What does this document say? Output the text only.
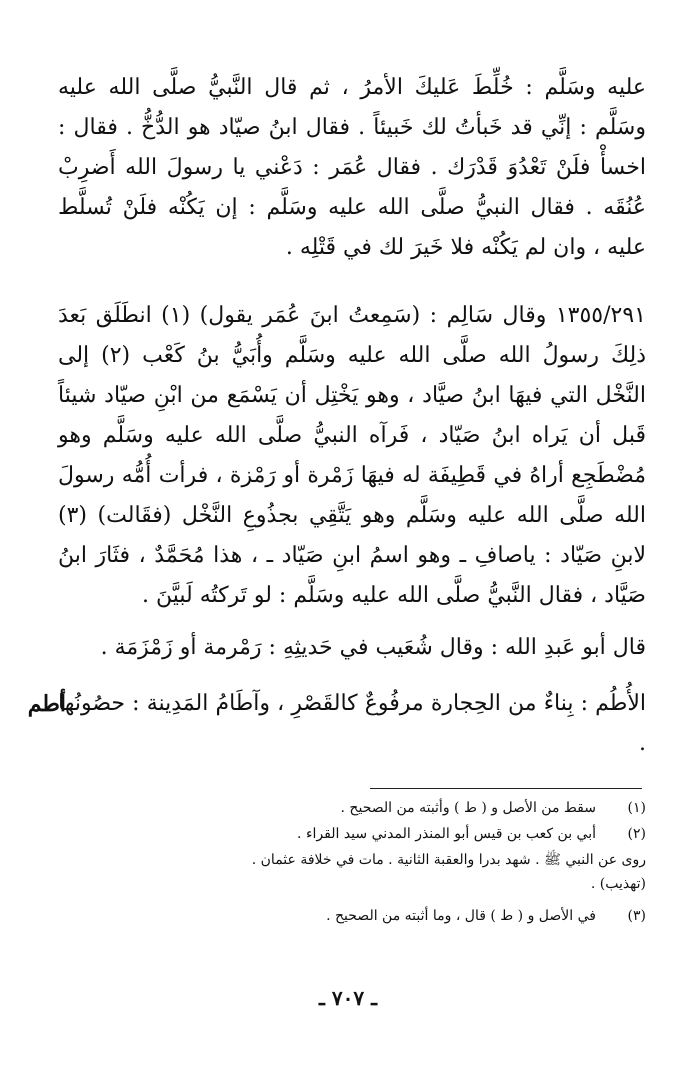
عليه وسَلَّم : خُلِّطَ عَليكَ الأمرُ ، ثم قال النَّبيُّ صلَّى الله عليه وسَلَّم : إنِّي قد خَبأتُ لك خَبيئاً . فقال ابنُ صيّاد هو الدُّخُّ . فقال : اخسأْ فلَنْ تَعْدُوَ قَدْرَك . فقال عُمَر : دَعْني يا رسولَ الله أَضرِبْ عُنُقَه . فقال النبيُّ صلَّى الله عليه وسَلَّم : إن يَكُنْه فلَنْ تُسلَّط عليه ، وان لم يَكُنْه فلا خَيرَ لك في قَتْلِه .

١٣٥٥/٢٩١ وقال سَالِم : (سَمِعتُ ابنَ عُمَر يقول) (١) انطَلَق بَعدَ ذلِكَ رسولُ الله صلَّى الله عليه وسَلَّم وأُبَيُّ بنُ كَعْب (٢) إلى النَّخْل التي فيهَا ابنُ صيَّاد ، وهو يَخْتِل أن يَسْمَع من ابْنِ صيّاد شيئاً قَبل أن يَراه ابنُ صَيّاد ، فَرآه النبيُّ صلَّى الله عليه وسَلَّم وهو مُضْطَجِع أراهُ في قَطِيفَة له فيهَا زَمْرة أو رَمْزة ، فرأت أُمُّه رسولَ الله صلَّى الله عليه وسَلَّم وهو يَتَّقِي بجذُوعِ النَّخْل (فقَالت) (٣) لابنِ صَيّاد : ياصافِ ـ وهو اسمُ ابنِ صَيّاد ـ ، هذا مُحَمَّدٌ ، فثَارَ ابنُ صَيَّاد ، فقال النَّبيُّ صلَّى الله عليه وسَلَّم : لو تَركتُه لَبيَّنَ .

قال أبو عَبدِ الله : وقال شُعَيب في حَديثِهِ : رَمْرمة أو زَمْزَمَة .

الأُطُم : بِناءٌ من الحِجارة مرفُوعٌ كالقَصْرِ ، وآطَامُ المَدِينة : حصُونُها .

أطم
(١)
سقط من الأصل و ( ط ) وأثبته من الصحيح .
(٢)
أبي بن كعب بن قيس أبو المنذر المدني سيد القراء .
روى عن النبي ﷺ . شهد بدرا والعقبة الثانية . مات في خلافة عثمان .
(تهذيب) .
(٣)
في الأصل و ( ط ) قال ، وما أثبته من الصحيح .
ـ ٧٠٧ ـ
